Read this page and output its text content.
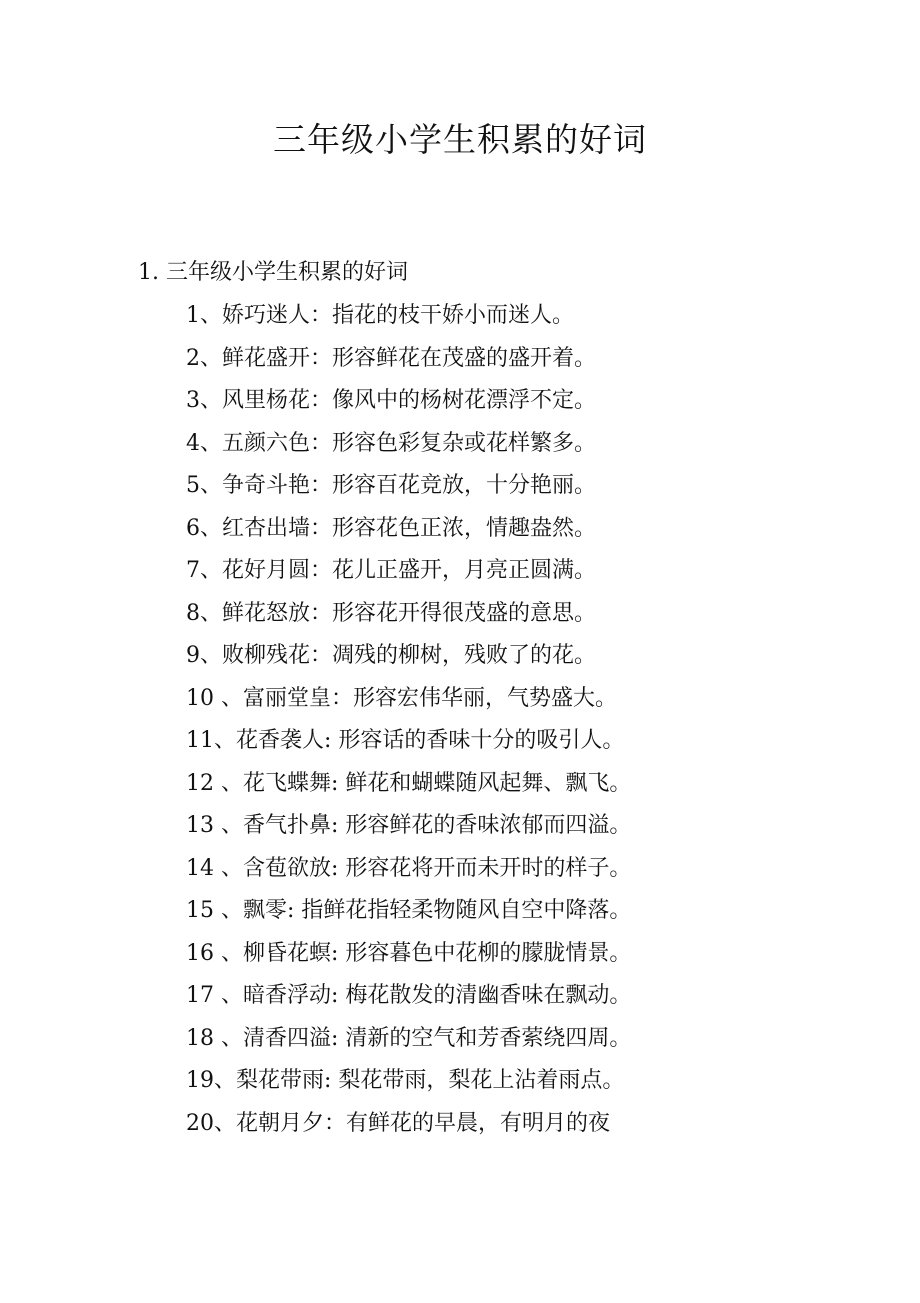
三年级小学生积累的好词
1. 三年级小学生积累的好词
1、娇巧迷人：指花的枝干娇小而迷人。
2、鲜花盛开：形容鲜花在茂盛的盛开着。
3、风里杨花：像风中的杨树花漂浮不定。
4、五颜六色：形容色彩复杂或花样繁多。
5、争奇斗艳：形容百花竞放，十分艳丽。
6、红杏出墙：形容花色正浓，情趣盎然。
7、花好月圆：花儿正盛开，月亮正圆满。
8、鲜花怒放：形容花开得很茂盛的意思。
9、败柳残花：凋残的柳树，残败了的花。
10 、富丽堂皇：形容宏伟华丽，气势盛大。
11、花香袭人: 形容话的香味十分的吸引人。
12 、花飞蝶舞: 鲜花和蝴蝶随风起舞、飘飞。
13 、香气扑鼻: 形容鲜花的香味浓郁而四溢。
14 、含苞欲放: 形容花将开而未开时的样子。
15 、飘零: 指鲜花指轻柔物随风自空中降落。
16 、柳昏花螟: 形容暮色中花柳的朦胧情景。
17 、暗香浮动: 梅花散发的清幽香味在飘动。
18 、清香四溢: 清新的空气和芳香萦绕四周。
19、梨花带雨: 梨花带雨，梨花上沾着雨点。
20、花朝月夕：有鲜花的早晨，有明月的夜
